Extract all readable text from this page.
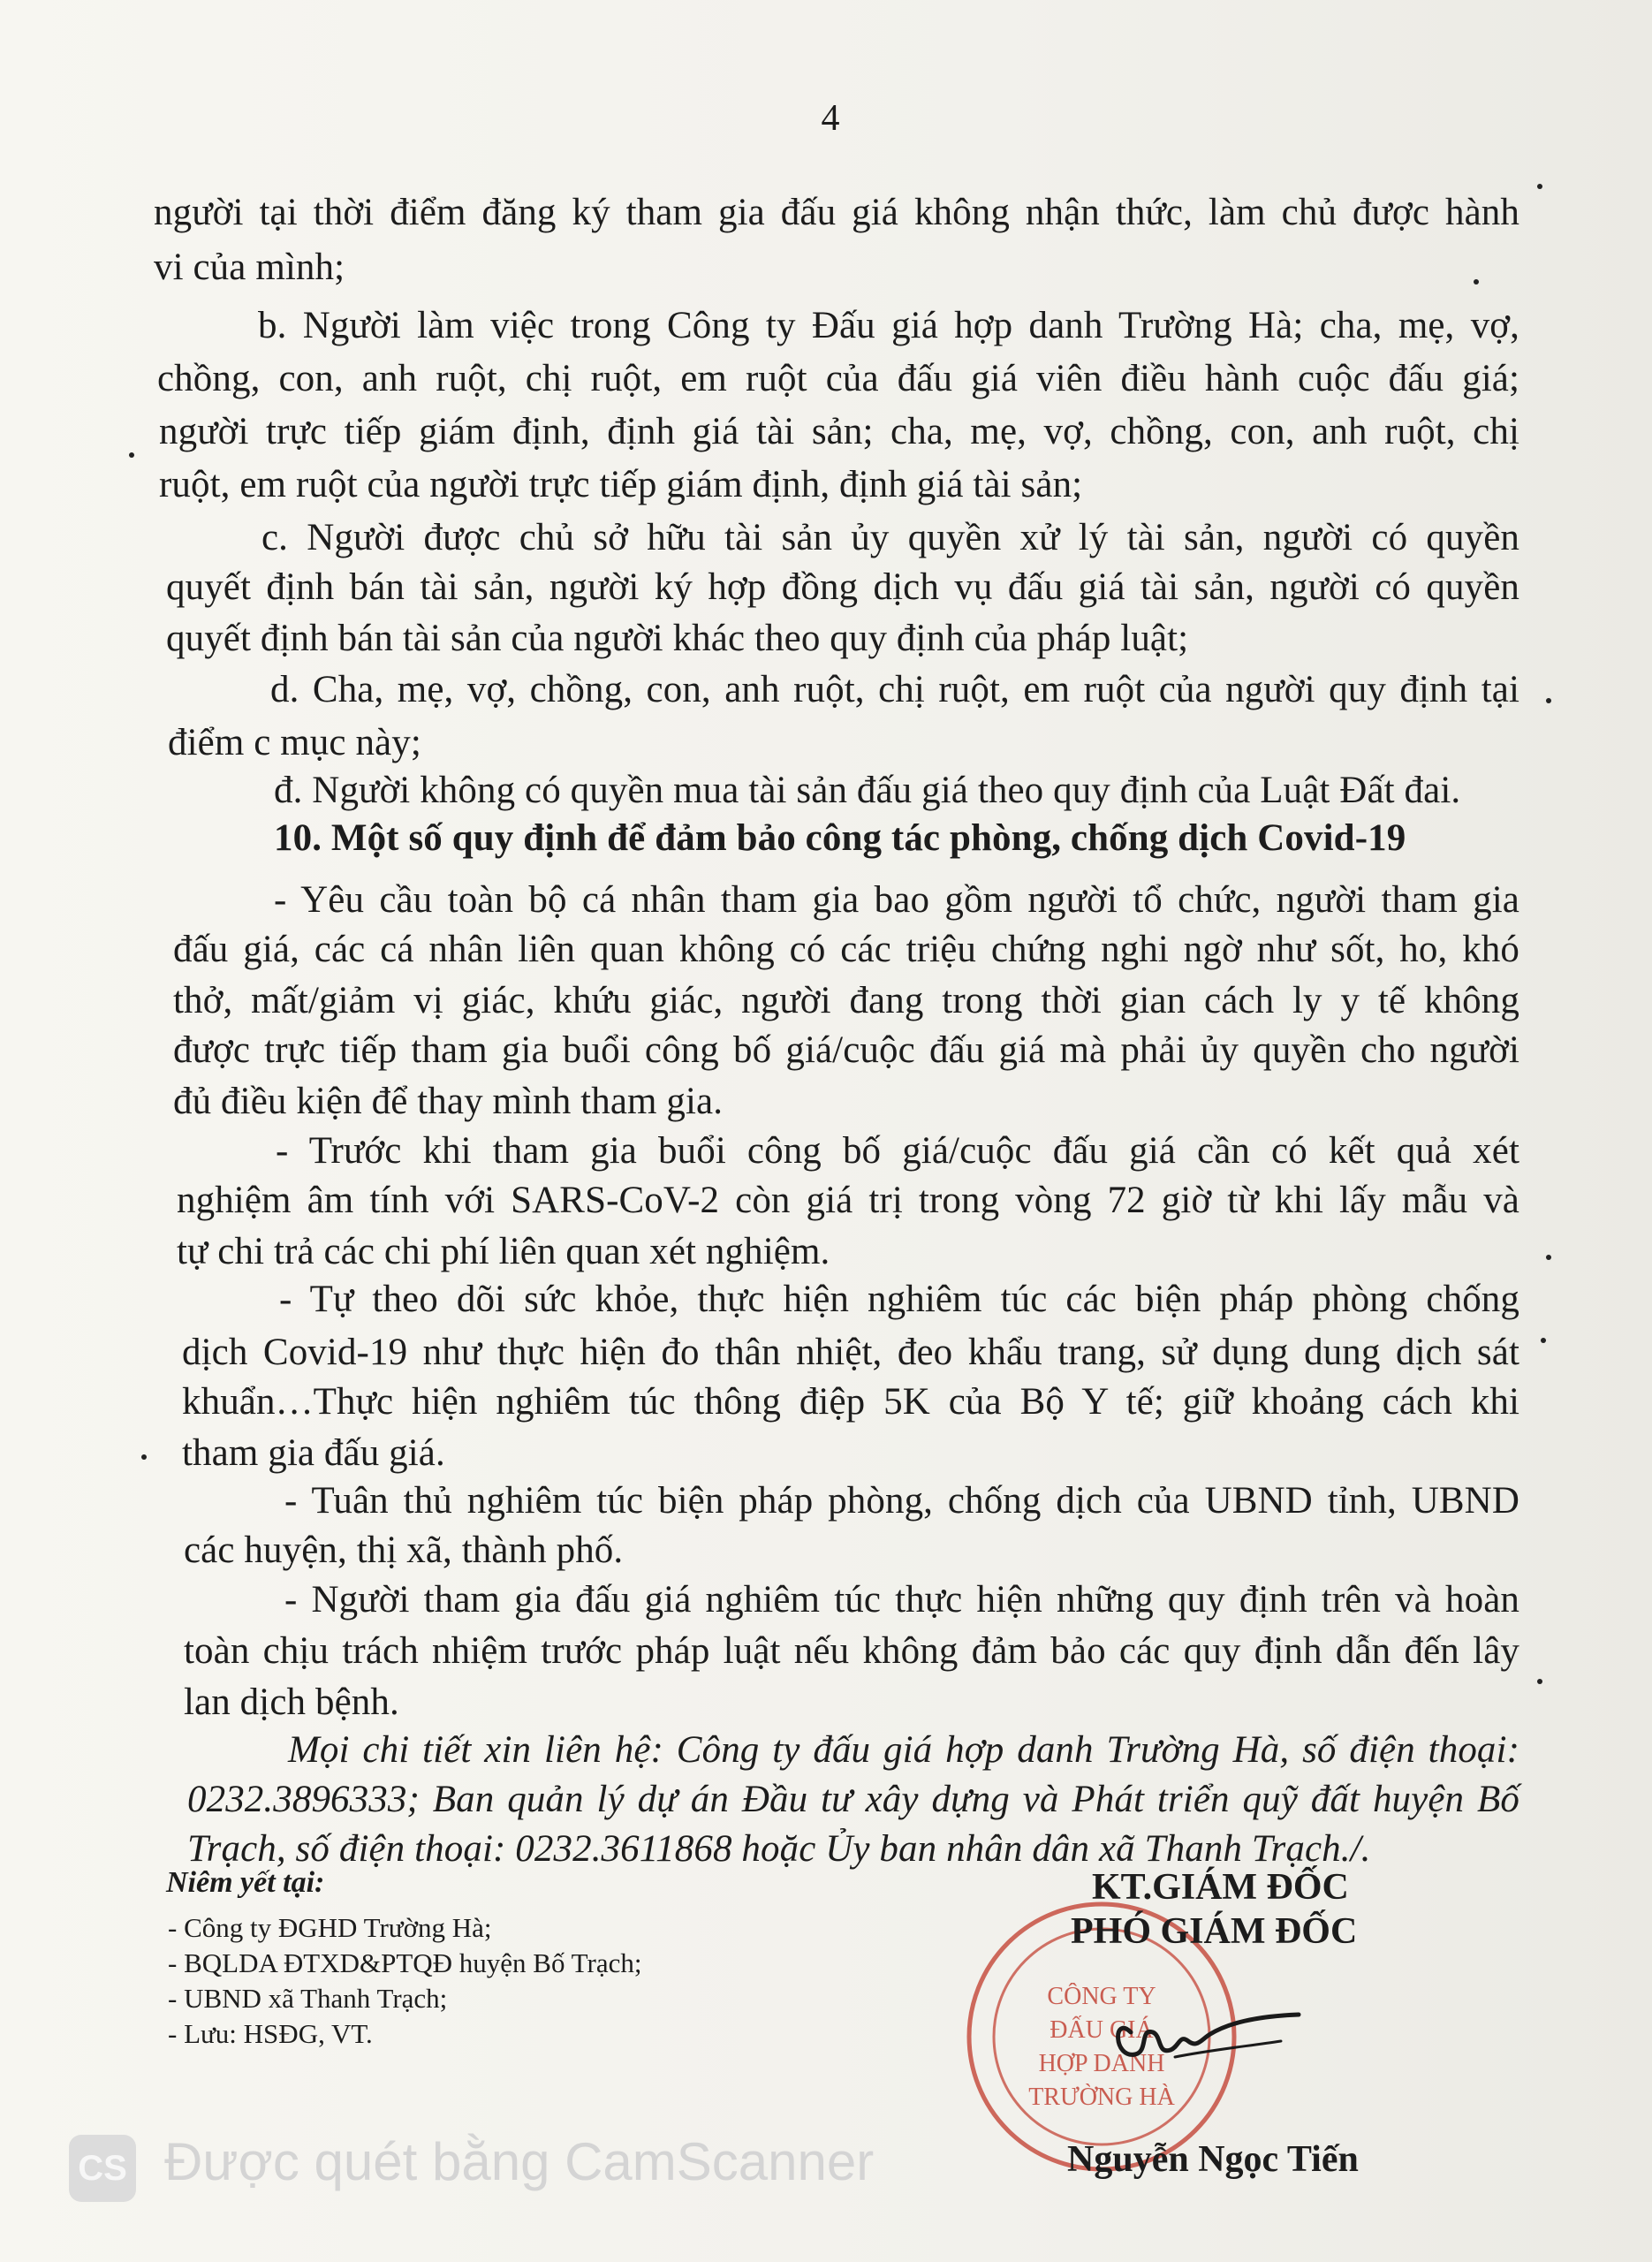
4
người tại thời điểm đăng ký tham gia đấu giá không nhận thức, làm chủ được hành
vi của mình;
b. Người làm việc trong Công ty Đấu giá hợp danh Trường Hà; cha, mẹ, vợ,
chồng, con, anh ruột, chị ruột, em ruột của đấu giá viên điều hành cuộc đấu giá;
người trực tiếp giám định, định giá tài sản; cha, mẹ, vợ, chồng, con, anh ruột, chị
ruột, em ruột của người trực tiếp giám định, định giá tài sản;
c. Người được chủ sở hữu tài sản ủy quyền xử lý tài sản, người có quyền
quyết định bán tài sản, người ký hợp đồng dịch vụ đấu giá tài sản, người có quyền
quyết định bán tài sản của người khác theo quy định của pháp luật;
d. Cha, mẹ, vợ, chồng, con, anh ruột, chị ruột, em ruột của người quy định tại
điểm c mục này;
đ. Người không có quyền mua tài sản đấu giá theo quy định của Luật Đất đai.
10. Một số quy định để đảm bảo công tác phòng, chống dịch Covid-19
- Yêu cầu toàn bộ cá nhân tham gia bao gồm người tổ chức, người tham gia
đấu giá, các cá nhân liên quan không có các triệu chứng nghi ngờ như sốt, ho, khó
thở, mất/giảm vị giác, khứu giác, người đang trong thời gian cách ly y tế không
được trực tiếp tham gia buổi công bố giá/cuộc đấu giá mà phải ủy quyền cho người
đủ điều kiện để thay mình tham gia.
- Trước khi tham gia buổi công bố giá/cuộc đấu giá cần có kết quả xét
nghiệm âm tính với SARS-CoV-2 còn giá trị trong vòng 72 giờ từ khi lấy mẫu và
tự chi trả các chi phí liên quan xét nghiệm.
- Tự theo dõi sức khỏe, thực hiện nghiêm túc các biện pháp phòng chống
dịch Covid-19 như thực hiện đo thân nhiệt, đeo khẩu trang, sử dụng dung dịch sát
khuẩn…Thực hiện nghiêm túc thông điệp 5K của Bộ Y tế; giữ khoảng cách khi
tham gia đấu giá.
- Tuân thủ nghiêm túc biện pháp phòng, chống dịch của UBND tỉnh, UBND
các huyện, thị xã, thành phố.
- Người tham gia đấu giá nghiêm túc thực hiện những quy định trên và hoàn
toàn chịu trách nhiệm trước pháp luật nếu không đảm bảo các quy định dẫn đến lây
lan dịch bệnh.
Mọi chi tiết xin liên hệ: Công ty đấu giá hợp danh Trường Hà, số điện thoại:
0232.3896333; Ban quản lý dự án Đầu tư xây dựng và Phát triển quỹ đất huyện Bố
Trạch, số điện thoại: 0232.3611868 hoặc Ủy ban nhân dân xã Thanh Trạch./.
Niêm yết tại:
- Công ty ĐGHD Trường Hà;
- BQLDA ĐTXD&PTQĐ huyện Bố Trạch;
- UBND xã Thanh Trạch;
- Lưu: HSĐG, VT.
KT.GIÁM ĐỐC
CÔNG TY
ĐẤU GIÁ
HỢP DANH
TRƯỜNG HÀ
PHÓ GIÁM ĐỐC
Nguyễn Ngọc Tiến
CS Được quét bằng CamScanner
